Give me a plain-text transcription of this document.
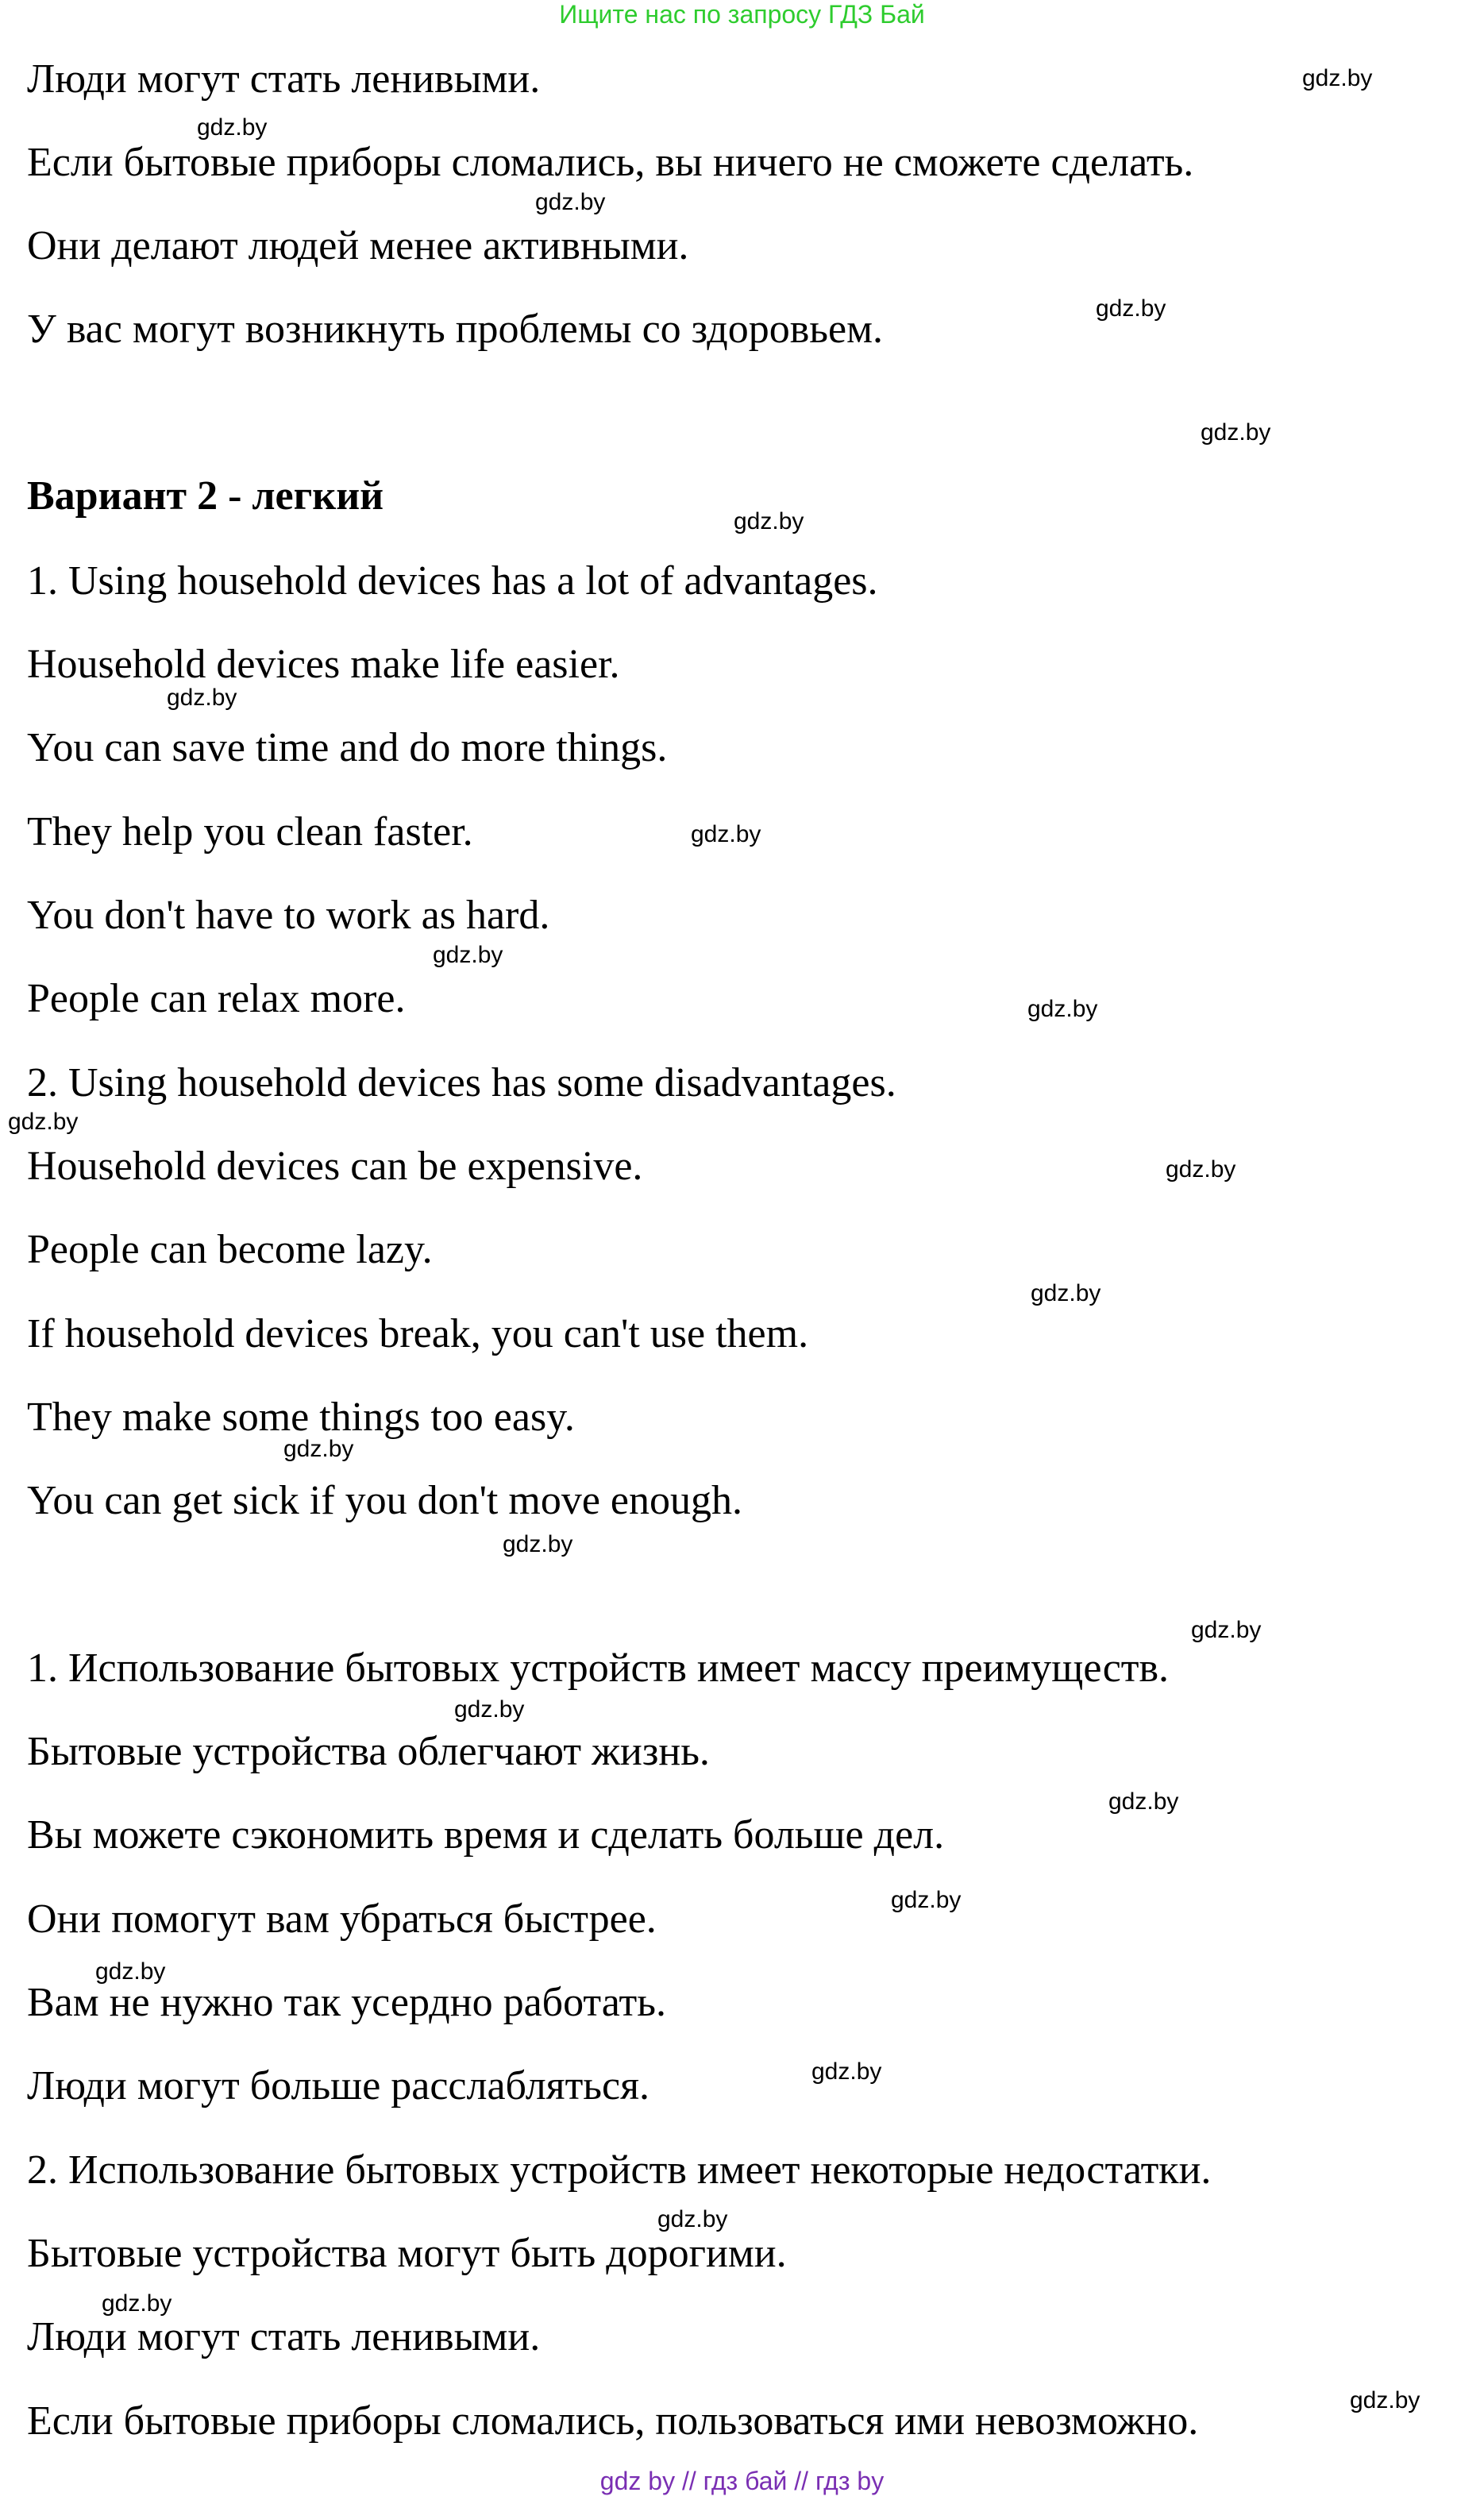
Ищите нас по запросу ГДЗ Бай
Люди могут стать ленивыми.
Если бытовые приборы сломались, вы ничего не сможете сделать.
Они делают людей менее активными.
У вас могут возникнуть проблемы со здоровьем.
Вариант 2 - легкий
1. Using household devices has a lot of advantages.
Household devices make life easier.
You can save time and do more things.
They help you clean faster.
You don't have to work as hard.
People can relax more.
2. Using household devices has some disadvantages.
Household devices can be expensive.
People can become lazy.
If household devices break, you can't use them.
They make some things too easy.
You can get sick if you don't move enough.
1. Использование бытовых устройств имеет массу преимуществ.
Бытовые устройства облегчают жизнь.
Вы можете сэкономить время и сделать больше дел.
Они помогут вам убраться быстрее.
Вам не нужно так усердно работать.
Люди могут больше расслабляться.
2. Использование бытовых устройств имеет некоторые недостатки.
Бытовые устройства могут быть дорогими.
Люди могут стать ленивыми.
Если бытовые приборы сломались, пользоваться ими невозможно.
gdz.by
gdz.by
gdz.by
gdz.by
gdz.by
gdz.by
gdz.by
gdz.by
gdz.by
gdz.by
gdz.by
gdz.by
gdz.by
gdz.by
gdz.by
gdz.by
gdz.by
gdz.by
gdz.by
gdz.by
gdz.by
gdz.by
gdz.by
gdz.by
gdz by // гдз бай // гдз by
